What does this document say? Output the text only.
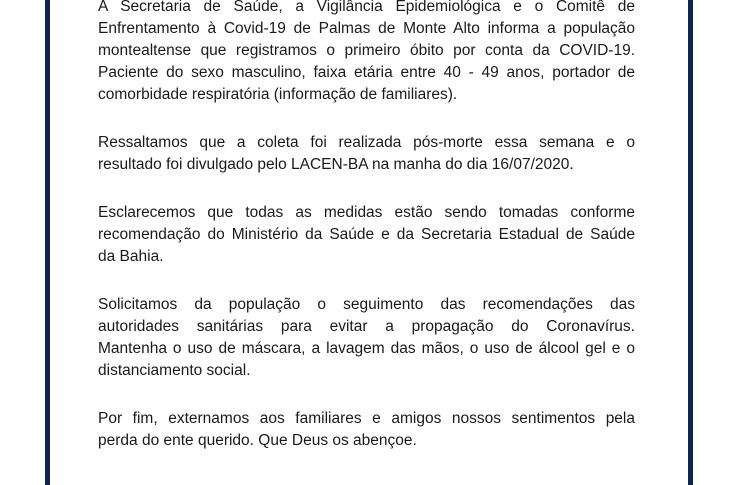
A Secretaria de Saúde, a Vigilância Epidemiológica e o Comitê de
Enfrentamento à Covid-19 de Palmas de Monte Alto informa a população
montealtense que registramos o primeiro óbito por conta da COVID-19.
Paciente do sexo masculino, faixa etária entre 40 - 49 anos, portador de
comorbidade respiratória (informação de familiares).
Ressaltamos que a coleta foi realizada pós-morte essa semana e o
resultado foi divulgado pelo LACEN-BA na manha do dia 16/07/2020.
Esclarecemos que todas as medidas estão sendo tomadas conforme
recomendação do Ministério da Saúde e da Secretaria Estadual de Saúde
da Bahia.
Solicitamos da população o seguimento das recomendações das
autoridades sanitárias para evitar a propagação do Coronavírus.
Mantenha o uso de máscara, a lavagem das mãos, o uso de álcool gel e o
distanciamento social.
Por fim, externamos aos familiares e amigos nossos sentimentos pela
perda do ente querido. Que Deus os abençoe.
